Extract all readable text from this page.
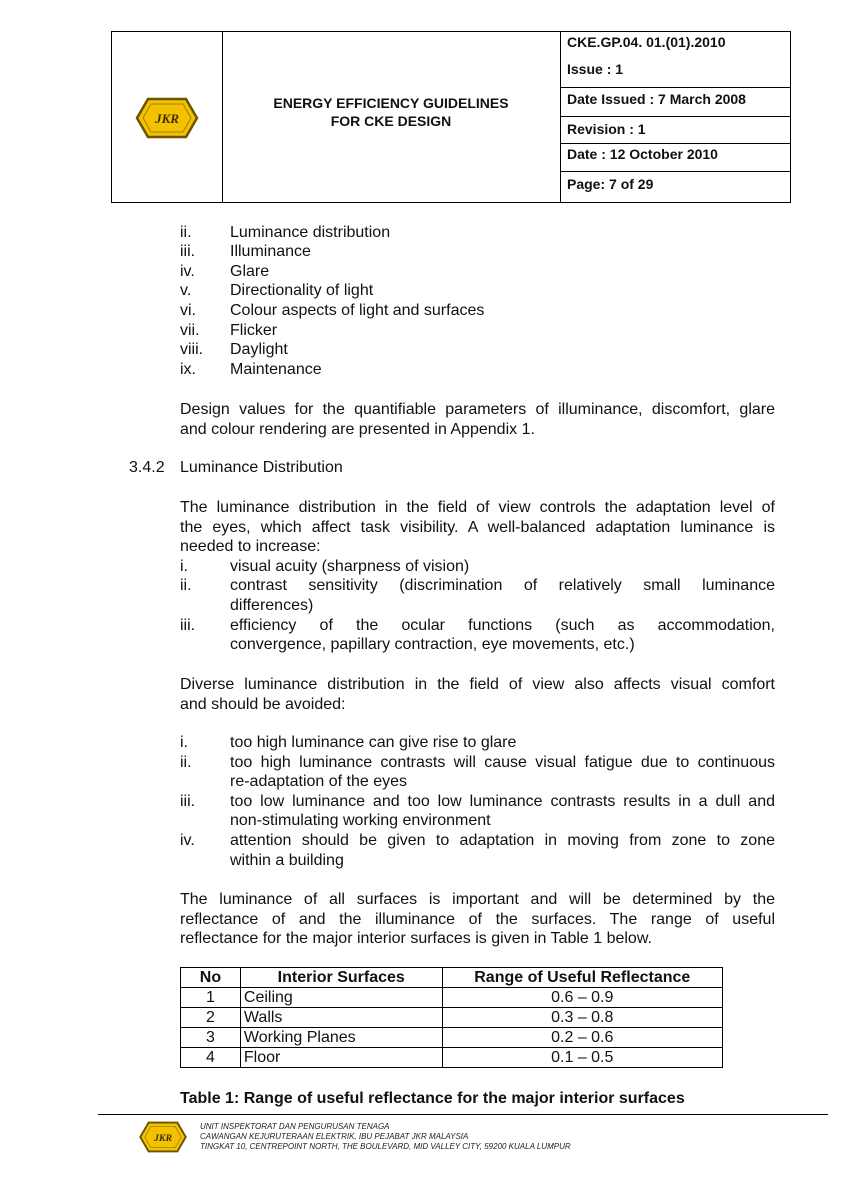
JKR
ENERGY EFFICIENCY GUIDELINES
FOR CKE DESIGN
CKE.GP.04. 01.(01).2010
Issue : 1
Date Issued : 7 March 2008
Revision : 1
Date : 12 October 2010
Page: 7 of 29
ii. Luminance distribution
iii. Illuminance
iv. Glare
v. Directionality of light
vi. Colour aspects of light and surfaces
vii. Flicker
viii. Daylight
ix. Maintenance
Design values for the quantifiable parameters of illuminance, discomfort, glare
and colour rendering are presented in Appendix 1.
3.4.2 Luminance Distribution
The luminance distribution in the field of view controls the adaptation level of
the eyes, which affect task visibility. A well-balanced adaptation luminance is
needed to increase:
i.	visual acuity (sharpness of vision)
ii. contrast sensitivity (discrimination of relatively small luminance
differences)
iii. efficiency of the ocular functions (such as accommodation,
convergence, papillary contraction, eye movements, etc.)
Diverse luminance distribution in the field of view also affects visual comfort
and should be avoided:
i.	too high luminance can give rise to glare
ii. too high luminance contrasts will cause visual fatigue due to continuous
re-adaptation of the eyes
iii. too low luminance and too low luminance contrasts results in a dull and
non-stimulating working environment
iv. attention should be given to adaptation in moving from zone to zone
within a building
The luminance of all surfaces is important and will be determined by the
reflectance of and the illuminance of the surfaces. The range of useful
reflectance for the major interior surfaces is given in Table 1 below.
No	Interior Surfaces	Range of Useful Reflectance
1	Ceiling	0.6 – 0.9
2	Walls	0.3 – 0.8
3	Working Planes	0.2 – 0.6
4	Floor	0.1 – 0.5
Table 1: Range of useful reflectance for the major interior surfaces
JKR
UNIT INSPEKTORAT DAN PENGURUSAN TENAGA
CAWANGAN KEJURUTERAAN ELEKTRIK, IBU PEJABAT JKR MALAYSIA
TINGKAT 10, CENTREPOINT NORTH, THE BOULEVARD, MID VALLEY CITY, 59200 KUALA LUMPUR
